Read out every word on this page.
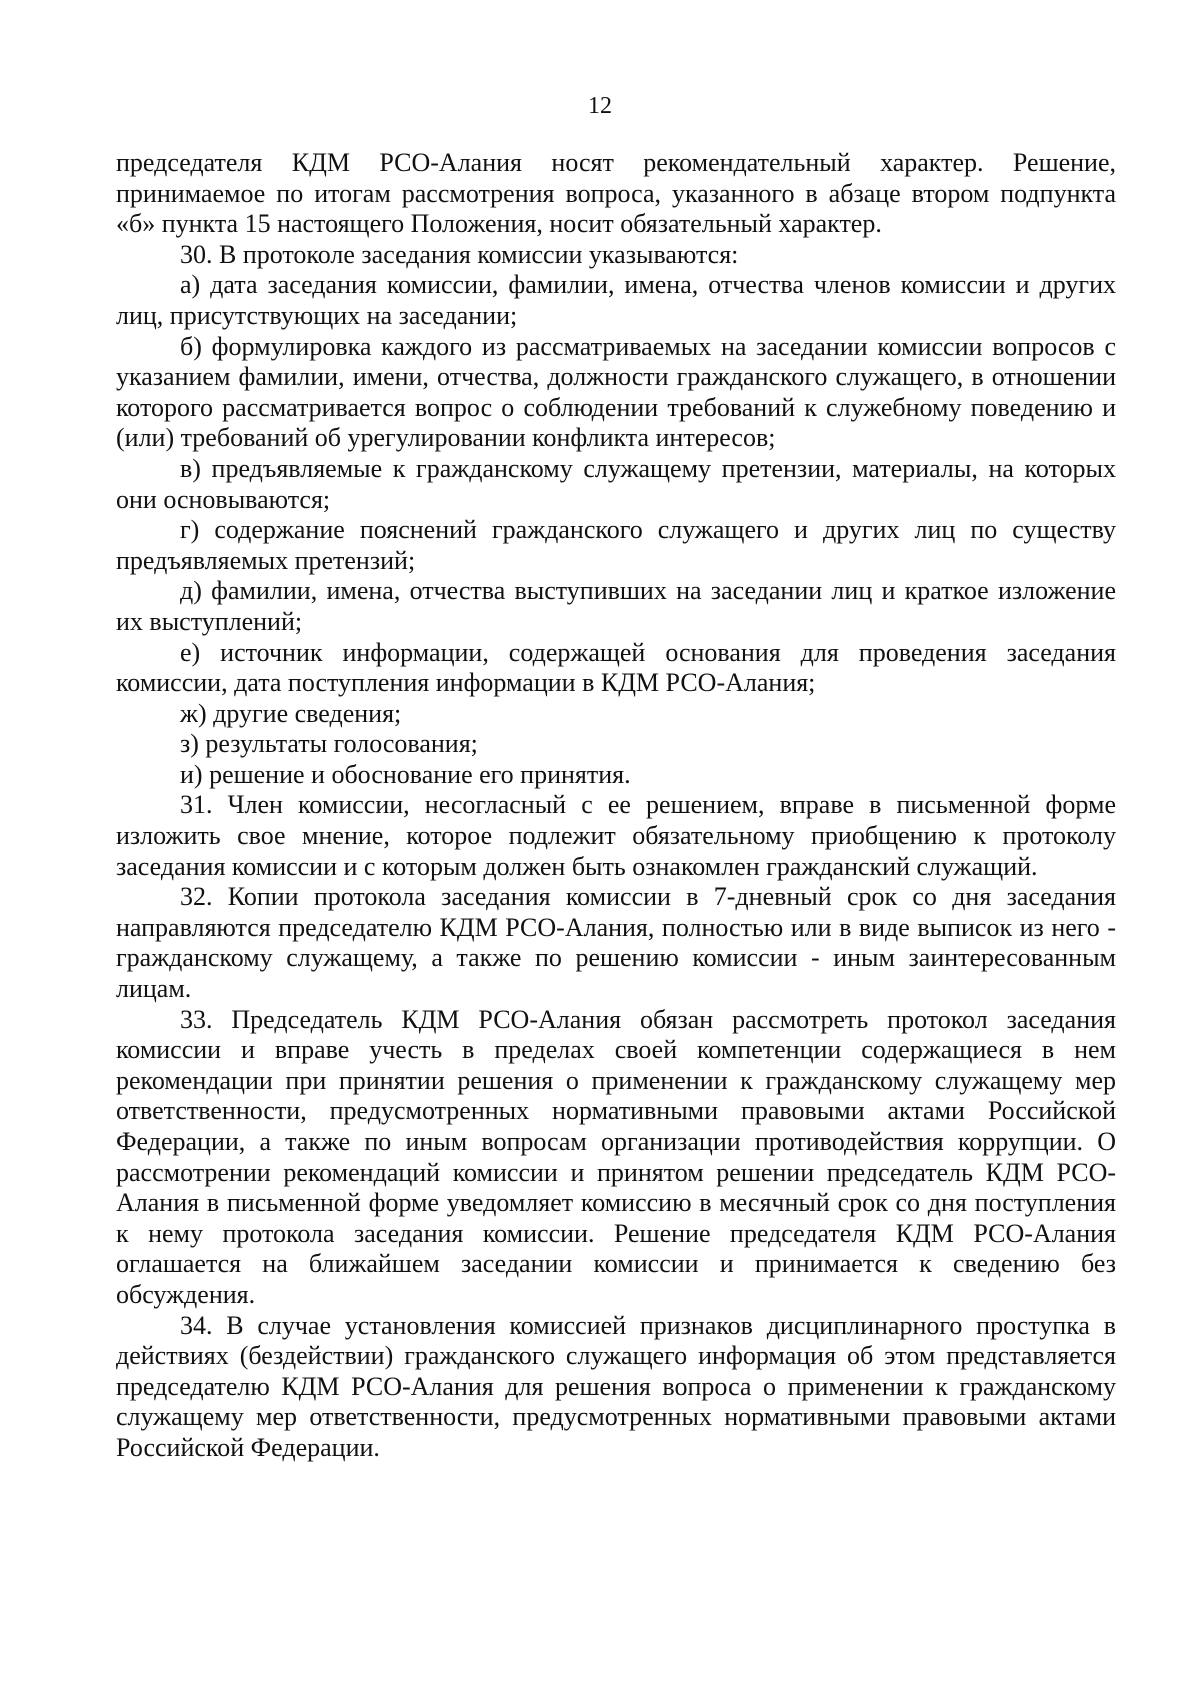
12

председателя КДМ РСО-Алания носят рекомендательный характер. Решение, принимаемое по итогам рассмотрения вопроса, указанного в абзаце втором подпункта «б» пункта 15 настоящего Положения, носит обязательный характер.

30. В протоколе заседания комиссии указываются:

а) дата заседания комиссии, фамилии, имена, отчества членов комиссии и других лиц, присутствующих на заседании;

б) формулировка каждого из рассматриваемых на заседании комиссии вопросов с указанием фамилии, имени, отчества, должности гражданского служащего, в отношении которого рассматривается вопрос о соблюдении требований к служебному поведению и (или) требований об урегулировании конфликта интересов;

в) предъявляемые к гражданскому служащему претензии, материалы, на которых они основываются;

г) содержание пояснений гражданского служащего и других лиц по существу предъявляемых претензий;

д) фамилии, имена, отчества выступивших на заседании лиц и краткое изложение их выступлений;

е) источник информации, содержащей основания для проведения заседания комиссии, дата поступления информации в КДМ РСО-Алания;

ж) другие сведения;

з) результаты голосования;

и) решение и обоснование его принятия.

31. Член комиссии, несогласный с ее решением, вправе в письменной форме изложить свое мнение, которое подлежит обязательному приобщению к протоколу заседания комиссии и с которым должен быть ознакомлен гражданский служащий.

32. Копии протокола заседания комиссии в 7-дневный срок со дня заседания направляются председателю КДМ РСО-Алания, полностью или в виде выписок из него - гражданскому служащему, а также по решению комиссии - иным заинтересованным лицам.

33. Председатель КДМ РСО-Алания обязан рассмотреть протокол заседания комиссии и вправе учесть в пределах своей компетенции содержащиеся в нем рекомендации при принятии решения о применении к гражданскому служащему мер ответственности, предусмотренных нормативными правовыми актами Российской Федерации, а также по иным вопросам организации противодействия коррупции. О рассмотрении рекомендаций комиссии и принятом решении председатель КДМ РСО-Алания в письменной форме уведомляет комиссию в месячный срок со дня поступления к нему протокола заседания комиссии. Решение председателя КДМ РСО-Алания оглашается на ближайшем заседании комиссии и принимается к сведению без обсуждения.

34. В случае установления комиссией признаков дисциплинарного проступка в действиях (бездействии) гражданского служащего информация об этом представляется председателю КДМ РСО-Алания для решения вопроса о применении к гражданскому служащему мер ответственности, предусмотренных нормативными правовыми актами Российской Федерации.
